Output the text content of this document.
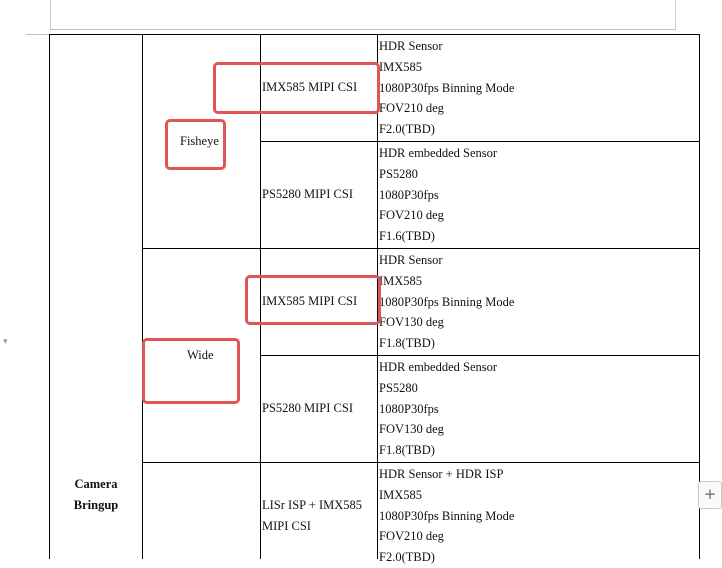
▾
Camera
Bringup
Fisheye
Wide
IMX585 MIPI CSI
PS5280 MIPI CSI
IMX585 MIPI CSI
PS5280 MIPI CSI
LISr ISP + IMX585
MIPI CSI
HDR Sensor
IMX585
1080P30fps Binning Mode
FOV210 deg
F2.0(TBD)
HDR embedded Sensor
PS5280
1080P30fps
FOV210 deg
F1.6(TBD)
HDR Sensor
IMX585
1080P30fps Binning Mode
FOV130 deg
F1.8(TBD)
HDR embedded Sensor
PS5280
1080P30fps
FOV130 deg
F1.8(TBD)
HDR Sensor + HDR ISP
IMX585
1080P30fps Binning Mode
FOV210 deg
F2.0(TBD)
+
